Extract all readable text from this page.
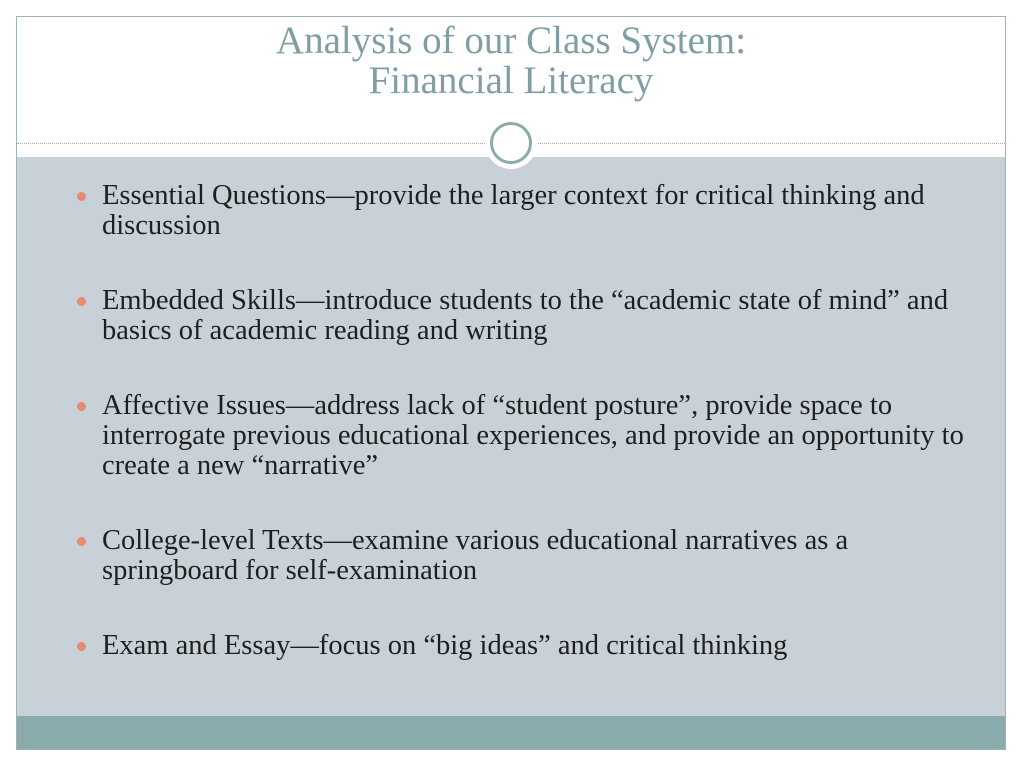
Analysis of our Class System:
Financial Literacy
Essential Questions—provide the larger context for critical thinking and discussion
Embedded Skills—introduce students to the “academic state of mind” and basics of academic reading and writing
Affective Issues—address lack of “student posture”, provide space to interrogate previous educational experiences, and provide an opportunity to create a new “narrative”
College-level Texts—examine various educational narratives as a springboard for self-examination
Exam and Essay—focus on “big ideas” and critical thinking
